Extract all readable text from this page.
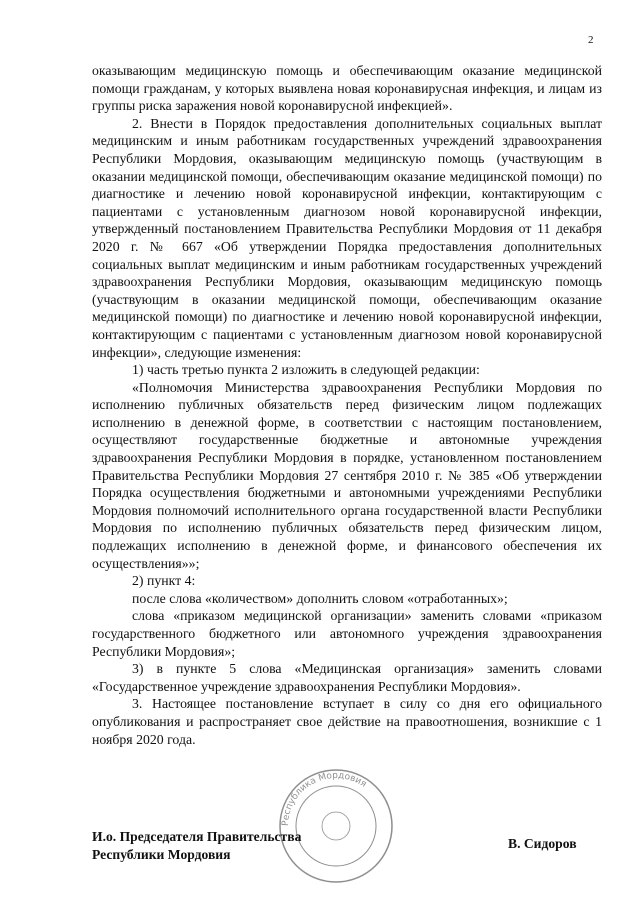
2

оказывающим медицинскую помощь и обеспечивающим оказание медицинской помощи гражданам, у которых выявлена новая коронавирусная инфекция, и лицам из группы риска заражения новой коронавирусной инфекцией».

2. Внести в Порядок предоставления дополнительных социальных выплат медицинским и иным работникам государственных учреждений здравоохранения Республики Мордовия, оказывающим медицинскую помощь (участвующим в оказании медицинской помощи, обеспечивающим оказание медицинской помощи) по диагностике и лечению новой коронавирусной инфекции, контактирующим с пациентами с установленным диагнозом новой коронавирусной инфекции, утвержденный постановлением Правительства Республики Мордовия от 11 декабря 2020 г. № 667 «Об утверждении Порядка предоставления дополнительных социальных выплат медицинским и иным работникам государственных учреждений здравоохранения Республики Мордовия, оказывающим медицинскую помощь (участвующим в оказании медицинской помощи, обеспечивающим оказание медицинской помощи) по диагностике и лечению новой коронавирусной инфекции, контактирующим с пациентами с установленным диагнозом новой коронавирусной инфекции», следующие изменения:

1) часть третью пункта 2 изложить в следующей редакции:

«Полномочия Министерства здравоохранения Республики Мордовия по исполнению публичных обязательств перед физическим лицом подлежащих исполнению в денежной форме, в соответствии с настоящим постановлением, осуществляют государственные бюджетные и автономные учреждения здравоохранения Республики Мордовия в порядке, установленном постановлением Правительства Республики Мордовия 27 сентября 2010 г. № 385 «Об утверждении Порядка осуществления бюджетными и автономными учреждениями Республики Мордовия полномочий исполнительного органа государственной власти Республики Мордовия по исполнению публичных обязательств перед физическим лицом, подлежащих исполнению в денежной форме, и финансового обеспечения их осуществления»»;

2) пункт 4:

после слова «количеством» дополнить словом «отработанных»;

слова «приказом медицинской организации» заменить словами «приказом государственного бюджетного или автономного учреждения здравоохранения Республики Мордовия»;

3) в пункте 5 слова «Медицинская организация» заменить словами «Государственное учреждение здравоохранения Республики Мордовия».

3. Настоящее постановление вступает в силу со дня его официального опубликования и распространяет свое действие на правоотношения, возникшие с 1 ноября 2020 года.

Республика Мордовия
И.о. Председателя Правительства
Республики Мордовия
В. Сидоров
